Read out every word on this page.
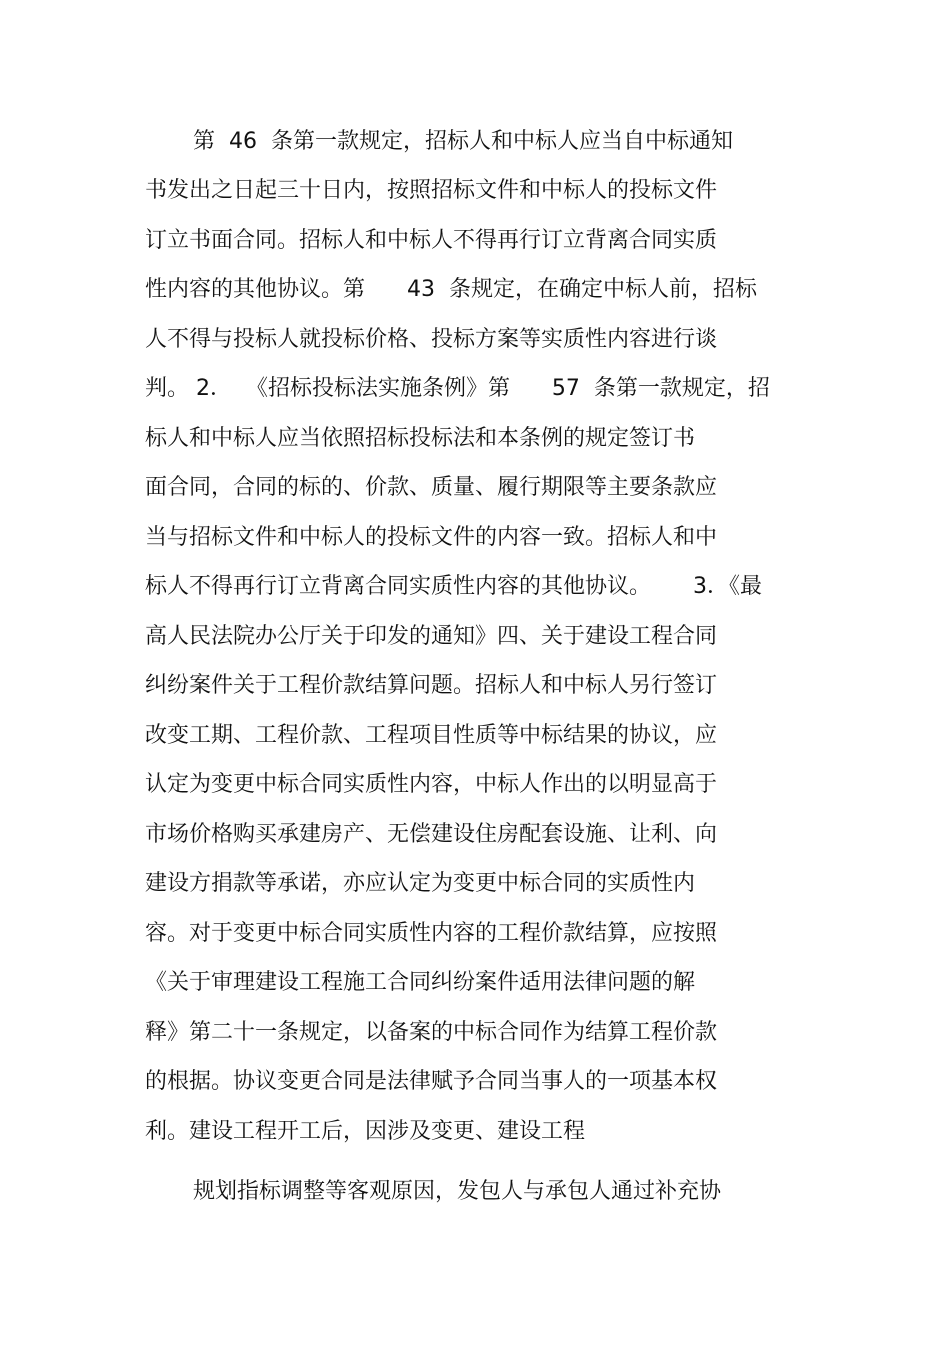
第  46  条第一款规定，招标人和中标人应当自中标通知
书发出之日起三十日内，按照招标文件和中标人的投标文件
订立书面合同。招标人和中标人不得再行订立背离合同实质
性内容的其他协议。第      43  条规定，在确定中标人前，招标
人不得与投标人就投标价格、投标方案等实质性内容进行谈
判。 2．  《招标投标法实施条例》第      57  条第一款规定，招
标人和中标人应当依照招标投标法和本条例的规定签订书
面合同，合同的标的、价款、质量、履行期限等主要条款应
当与招标文件和中标人的投标文件的内容一致。招标人和中
标人不得再行订立背离合同实质性内容的其他协议。      3．《最
高人民法院办公厅关于印发的通知》四、关于建设工程合同
纠纷案件关于工程价款结算问题。招标人和中标人另行签订
改变工期、工程价款、工程项目性质等中标结果的协议，应
认定为变更中标合同实质性内容，中标人作出的以明显高于
市场价格购买承建房产、无偿建设住房配套设施、让利、向
建设方捐款等承诺，亦应认定为变更中标合同的实质性内
容。对于变更中标合同实质性内容的工程价款结算，应按照
《关于审理建设工程施工合同纠纷案件适用法律问题的解
释》第二十一条规定，以备案的中标合同作为结算工程价款
的根据。协议变更合同是法律赋予合同当事人的一项基本权
利。建设工程开工后，因涉及变更、建设工程
规划指标调整等客观原因，发包人与承包人通过补充协
